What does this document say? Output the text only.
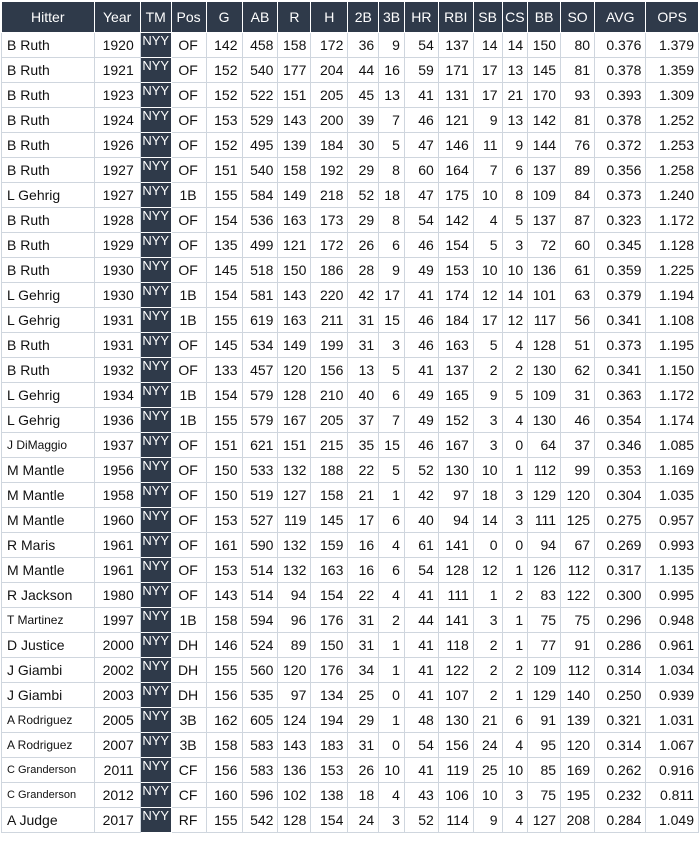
Hitter	Year	TM	Pos	G	AB	R	H	2B	3B	HR	RBI	SB	CS	BB	SO	AVG	OPS
B Ruth	1920	NYY	OF	142	458	158	172	36	9	54	137	14	14	150	80	0.376	1.379
B Ruth	1921	NYY	OF	152	540	177	204	44	16	59	171	17	13	145	81	0.378	1.359
B Ruth	1923	NYY	OF	152	522	151	205	45	13	41	131	17	21	170	93	0.393	1.309
B Ruth	1924	NYY	OF	153	529	143	200	39	7	46	121	9	13	142	81	0.378	1.252
B Ruth	1926	NYY	OF	152	495	139	184	30	5	47	146	11	9	144	76	0.372	1.253
B Ruth	1927	NYY	OF	151	540	158	192	29	8	60	164	7	6	137	89	0.356	1.258
L Gehrig	1927	NYY	1B	155	584	149	218	52	18	47	175	10	8	109	84	0.373	1.240
B Ruth	1928	NYY	OF	154	536	163	173	29	8	54	142	4	5	137	87	0.323	1.172
B Ruth	1929	NYY	OF	135	499	121	172	26	6	46	154	5	3	72	60	0.345	1.128
B Ruth	1930	NYY	OF	145	518	150	186	28	9	49	153	10	10	136	61	0.359	1.225
L Gehrig	1930	NYY	1B	154	581	143	220	42	17	41	174	12	14	101	63	0.379	1.194
L Gehrig	1931	NYY	1B	155	619	163	211	31	15	46	184	17	12	117	56	0.341	1.108
B Ruth	1931	NYY	OF	145	534	149	199	31	3	46	163	5	4	128	51	0.373	1.195
B Ruth	1932	NYY	OF	133	457	120	156	13	5	41	137	2	2	130	62	0.341	1.150
L Gehrig	1934	NYY	1B	154	579	128	210	40	6	49	165	9	5	109	31	0.363	1.172
L Gehrig	1936	NYY	1B	155	579	167	205	37	7	49	152	3	4	130	46	0.354	1.174
J DiMaggio	1937	NYY	OF	151	621	151	215	35	15	46	167	3	0	64	37	0.346	1.085
M Mantle	1956	NYY	OF	150	533	132	188	22	5	52	130	10	1	112	99	0.353	1.169
M Mantle	1958	NYY	OF	150	519	127	158	21	1	42	97	18	3	129	120	0.304	1.035
M Mantle	1960	NYY	OF	153	527	119	145	17	6	40	94	14	3	111	125	0.275	0.957
R Maris	1961	NYY	OF	161	590	132	159	16	4	61	141	0	0	94	67	0.269	0.993
M Mantle	1961	NYY	OF	153	514	132	163	16	6	54	128	12	1	126	112	0.317	1.135
R Jackson	1980	NYY	OF	143	514	94	154	22	4	41	111	1	2	83	122	0.300	0.995
T Martinez	1997	NYY	1B	158	594	96	176	31	2	44	141	3	1	75	75	0.296	0.948
D Justice	2000	NYY	DH	146	524	89	150	31	1	41	118	2	1	77	91	0.286	0.961
J Giambi	2002	NYY	DH	155	560	120	176	34	1	41	122	2	2	109	112	0.314	1.034
J Giambi	2003	NYY	DH	156	535	97	134	25	0	41	107	2	1	129	140	0.250	0.939
A Rodriguez	2005	NYY	3B	162	605	124	194	29	1	48	130	21	6	91	139	0.321	1.031
A Rodriguez	2007	NYY	3B	158	583	143	183	31	0	54	156	24	4	95	120	0.314	1.067
C Granderson	2011	NYY	CF	156	583	136	153	26	10	41	119	25	10	85	169	0.262	0.916
C Granderson	2012	NYY	CF	160	596	102	138	18	4	43	106	10	3	75	195	0.232	0.811
A Judge	2017	NYY	RF	155	542	128	154	24	3	52	114	9	4	127	208	0.284	1.049
